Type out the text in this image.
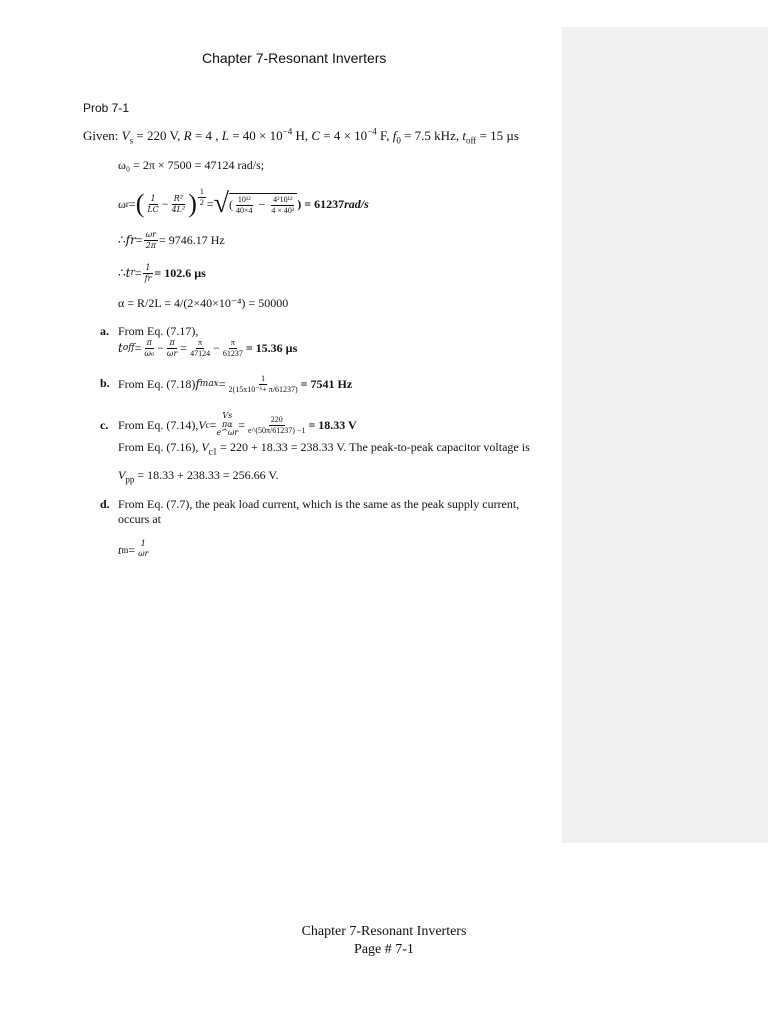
Chapter 7-Resonant Inverters
Prob 7-1
Given: $V_s = 220$ V, R = 4 , $L = 40 \times 10^{-4}$ H, $C = 4 \times 10^{-4}$ F, $f_0 = 7.5$ kHz, $t_{off} = 15$ µs
ω₀ = 2π × 7500 = 47124 rad/s;
ω r = ( $\frac{1}{LC} - \frac{\text{R²}}{\text{4L²}}$ ) $\frac{1}{2}$ = √ ( $\frac{\text{10¹²}}{40\times 4} - \frac{\text{4²10¹²}}{\text{4 × 40²}}$ ) = 61237 rad/s
∴ fr = $\frac{\omega r}{2\pi} = 9746.17$ Hz
∴ t $r = \frac{1}{fr} = 102.6$ µs
α = R/2L = 4/(2×40×10⁻⁴) = 50000
a. From Eq. (7.17),
t off = $\frac{\pi}{\text{ω₀}} - \frac{\pi}{\omega r} = \frac{\pi}{47124} - \frac{\pi}{61237} = 15.36$ µs
b. From Eq. (7.18) f $\max = \frac{1}{\text{2(15x10⁻⁶+ π/61237)}} = 7541$ Hz
c. From Eq. (7.14), V c =
Vs
πα
e^ωr
= $\frac{220}{e\^{}(50\pi/61237) -1} = 18.33$ V
From Eq. (7.16), $V_{c1} = 220 + 18.33 = 238.33$ V. The peak-to-peak capacitor voltage is
$V_{pp} = 18.33 + 238.33 = 256.66$ V.
d. From Eq. (7.7), the peak load current, which is the same as the peak supply current,
occurs at
t m = 1
ωr
Chapter 7-Resonant Inverters
Page # 7-1
